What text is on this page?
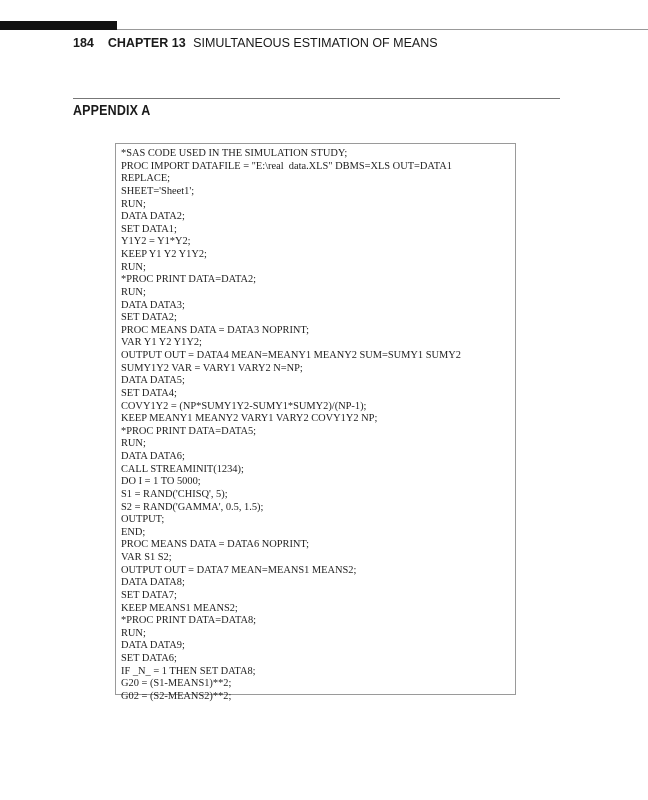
184 CHAPTER 13 SIMULTANEOUS ESTIMATION OF MEANS
APPENDIX A
*SAS CODE USED IN THE SIMULATION STUDY;
PROC IMPORT DATAFILE = "E:\real  data.XLS" DBMS=XLS OUT=DATA1
REPLACE;
SHEET='Sheet1';
RUN;
DATA DATA2;
SET DATA1;
Y1Y2 = Y1*Y2;
KEEP Y1 Y2 Y1Y2;
RUN;
*PROC PRINT DATA=DATA2;
RUN;
DATA DATA3;
SET DATA2;
PROC MEANS DATA = DATA3 NOPRINT;
VAR Y1 Y2 Y1Y2;
OUTPUT OUT = DATA4 MEAN=MEANY1 MEANY2 SUM=SUMY1 SUMY2
SUMY1Y2 VAR = VARY1 VARY2 N=NP;
DATA DATA5;
SET DATA4;
COVY1Y2 = (NP*SUMY1Y2-SUMY1*SUMY2)/(NP-1);
KEEP MEANY1 MEANY2 VARY1 VARY2 COVY1Y2 NP;
*PROC PRINT DATA=DATA5;
RUN;
DATA DATA6;
CALL STREAMINIT(1234);
DO I = 1 TO 5000;
S1 = RAND('CHISQ', 5);
S2 = RAND('GAMMA', 0.5, 1.5);
OUTPUT;
END;
PROC MEANS DATA = DATA6 NOPRINT;
VAR S1 S2;
OUTPUT OUT = DATA7 MEAN=MEANS1 MEANS2;
DATA DATA8;
SET DATA7;
KEEP MEANS1 MEANS2;
*PROC PRINT DATA=DATA8;
RUN;
DATA DATA9;
SET DATA6;
IF _N_ = 1 THEN SET DATA8;
G20 = (S1-MEANS1)**2;
G02 = (S2-MEANS2)**2;
